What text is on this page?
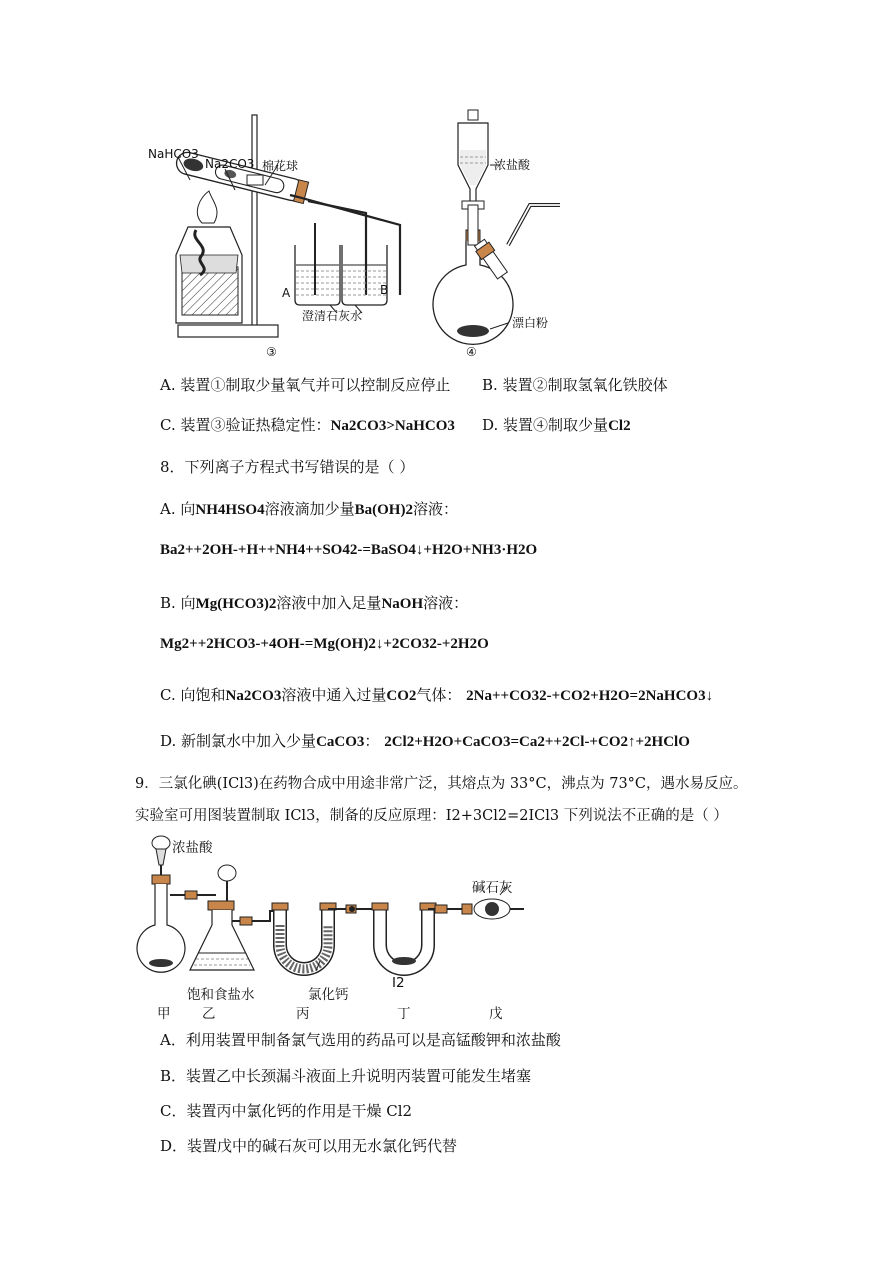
NaHCO3
Na2CO3 棉花球
A	B
澄清石灰水
③
浓盐酸
漂白粉
④
A. 装置①制取少量氧气并可以控制反应停止 B. 装置②制取氢氧化铁胶体
C. 装置③验证热稳定性：Na2CO3>NaHCO3 D. 装置④制取少量Cl2
8．下列离子方程式书写错误的是（ ）
A. 向NH4HSO4溶液滴加少量Ba(OH)2溶液：
Ba2++2OH-+H++NH4++SO42-=BaSO4↓+H2O+NH3·H2O
B. 向Mg(HCO3)2溶液中加入足量NaOH溶液：
Mg2++2HCO3-+4OH-=Mg(OH)2↓+2CO32-+2H2O
C. 向饱和Na2CO3溶液中通入过量CO2气体： 2Na++CO32-+CO2+H2O=2NaHCO3↓
D. 新制氯水中加入少量CaCO3： 2Cl2+H2O+CaCO3=Ca2++2Cl-+CO2↑+2HClO
9．三氯化碘(ICl3)在药物合成中用途非常广泛，其熔点为 33°C，沸点为 73°C，遇水易反应。
实验室可用图装置制取 ICl3，制备的反应原理：I2+3Cl2=2ICl3 下列说法不正确的是（ ）
浓盐酸
碱石灰
饱和食盐水	氯化钙
I2
甲 乙	丙	丁	戊
A．利用装置甲制备氯气选用的药品可以是高锰酸钾和浓盐酸
B．装置乙中长颈漏斗液面上升说明丙装置可能发生堵塞
C．装置丙中氯化钙的作用是干燥 Cl2
D．装置戊中的碱石灰可以用无水氯化钙代替
